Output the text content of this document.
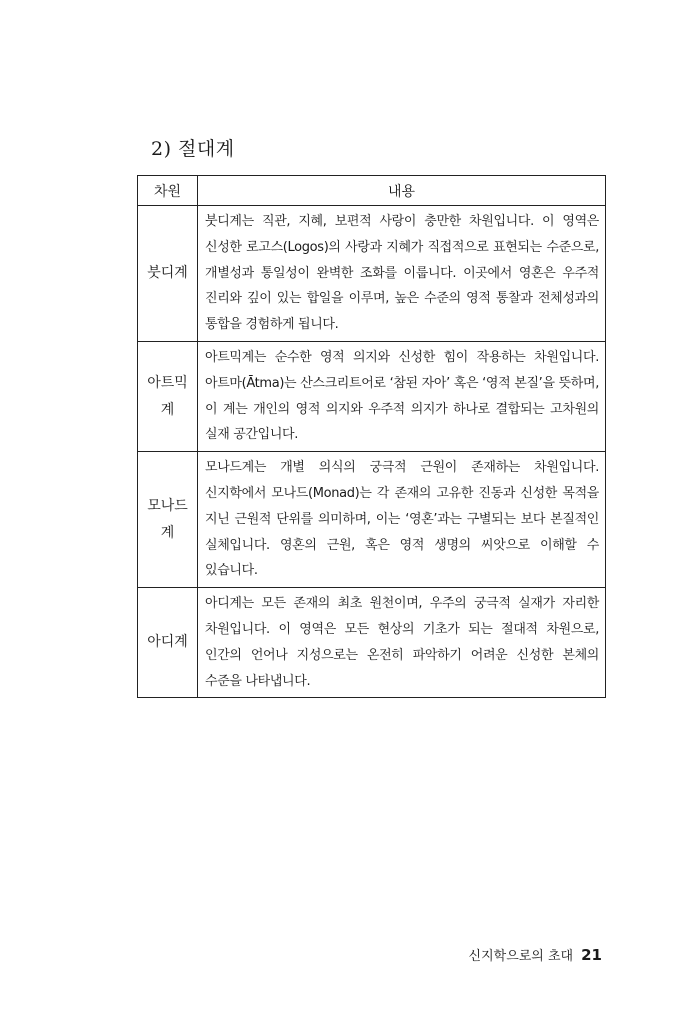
2) 절대계
차원	내용
붓디계	붓디계는 직관, 지혜, 보편적 사랑이 충만한 차원입니다. 이 영역은 신성한 로고스(Logos)의 사랑과 지혜가 직접적으로 표현되는 수준으로, 개별성과 통일성이 완벽한 조화를 이룹니다. 이곳에서 영혼은 우주적 진리와 깊이 있는 합일을 이루며, 높은 수준의 영적 통찰과 전체성과의 통합을 경험하게 됩니다.
아트믹계	아트믹계는 순수한 영적 의지와 신성한 힘이 작용하는 차원입니다. 아트마(Ātma)는 산스크리트어로 ‘참된 자아’ 혹은 ‘영적 본질’을 뜻하며, 이 계는 개인의 영적 의지와 우주적 의지가 하나로 결합되는 고차원의 실재 공간입니다.
모나드계	모나드계는 개별 의식의 궁극적 근원이 존재하는 차원입니다. 신지학에서 모나드(Monad)는 각 존재의 고유한 진동과 신성한 목적을 지닌 근원적 단위를 의미하며, 이는 ‘영혼’과는 구별되는 보다 본질적인 실체입니다. 영혼의 근원, 혹은 영적 생명의 씨앗으로 이해할 수 있습니다.
아디계	아디계는 모든 존재의 최초 원천이며, 우주의 궁극적 실재가 자리한 차원입니다. 이 영역은 모든 현상의 기초가 되는 절대적 차원으로, 인간의 언어나 지성으로는 온전히 파악하기 어려운 신성한 본체의 수준을 나타냅니다.
신지학으로의 초대 21
